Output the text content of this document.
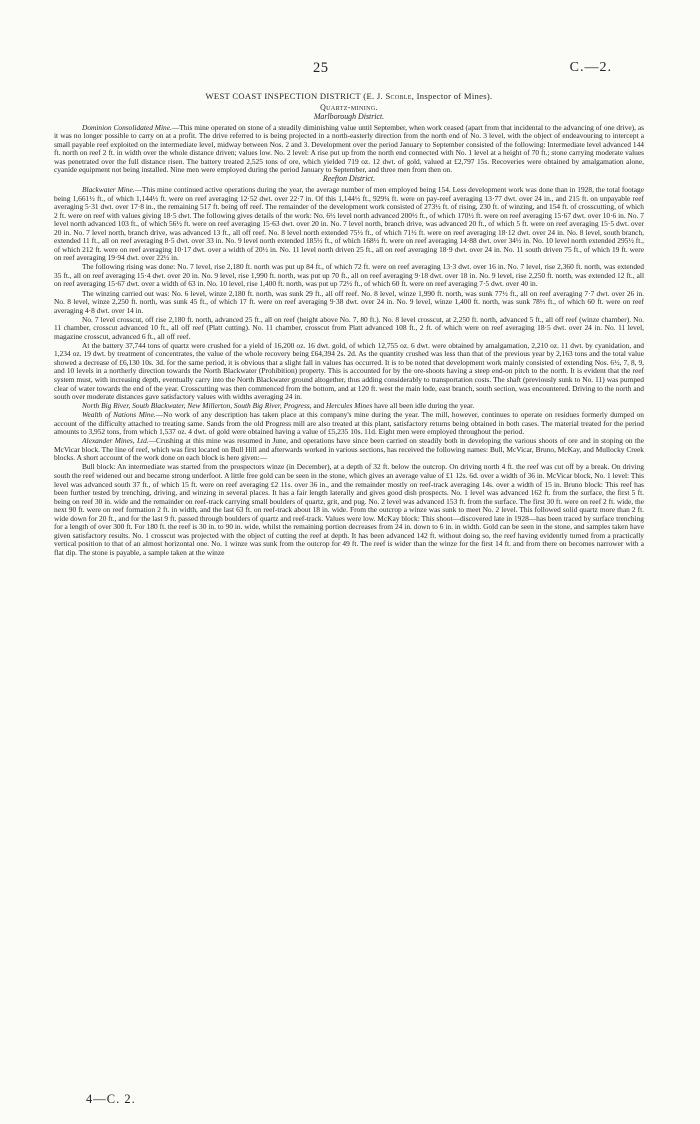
25	C.—2.
WEST COAST INSPECTION DISTRICT (E. J. Scoble, Inspector of Mines).
Quartz-mining.
Marlborough District.

Dominion Consolidated Mine.—This mine operated on stone of a steadily diminishing value until September, when work ceased (apart from that incidental to the advancing of one drive), as it was no longer possible to carry on at a profit. The drive referred to is being projected in a north-easterly direction from the north end of No. 3 level, with the object of endeavouring to intercept a small payable reef exploited on the intermediate level, midway between Nos. 2 and 3. Development over the period January to September consisted of the following: Intermediate level advanced 144 ft. north on reef 2 ft. in width over the whole distance driven; values low. No. 2 level: A rise put up from the north end connected with No. 1 level at a height of 70 ft.; stone carrying moderate values was penetrated over the full distance risen. The battery treated 2,525 tons of ore, which yielded 719 oz. 12 dwt. of gold, valued at £2,797 15s. Recoveries were obtained by amalgamation alone, cyanide equipment not being installed. Nine men were employed during the period January to September, and three men from then on.

Reefton District.

Blackwater Mine.—This mine continued active operations during the year, the average number of men employed being 154. Less development work was done than in 1928, the total footage being 1,661½ ft., of which 1,144½ ft. were on reef averaging 12·52 dwt. over 22·7 in. Of this 1,144½ ft., 929¼ ft. were on pay-reef averaging 13·77 dwt. over 24 in., and 215 ft. on unpayable reef averaging 5·31 dwt. over 17·8 in., the remaining 517 ft. being off reef. The remainder of the development work consisted of 273½ ft. of rising, 230 ft. of winzing, and 154 ft. of crosscutting, of which 2 ft. were on reef with values giving 18·5 dwt. The following gives details of the work: No. 6½ level north advanced 200½ ft., of which 170½ ft. were on reef averaging 15·67 dwt. over 10·6 in. No. 7 level north advanced 103 ft., of which 56½ ft. were on reef averaging 15·63 dwt. over 20 in. No. 7 level north, branch drive, was advanced 20 ft., of which 5 ft. were on reef averaging 15·5 dwt. over 20 in. No. 7 level north, branch drive, was advanced 13 ft., all off reef. No. 8 level north extended 75½ ft., of which 71½ ft. were on reef averaging 18·12 dwt. over 24 in. No. 8 level, south branch, extended 11 ft., all on reef averaging 8·5 dwt. over 33 in. No. 9 level north extended 185½ ft., of which 168½ ft. were on reef averaging 14·88 dwt. over 34½ in. No. 10 level north extended 295½ ft., of which 212 ft. were on reef averaging 10·17 dwt. over a width of 20½ in. No. 11 level north driven 25 ft., all on reef averaging 18·9 dwt. over 24 in. No. 11 south driven 75 ft., of which 19 ft. were on reef averaging 19·94 dwt. over 22½ in.

The following rising was done: No. 7 level, rise 2,180 ft. north was put up 84 ft., of which 72 ft. were on reef averaging 13·3 dwt. over 16 in. No. 7 level, rise 2,360 ft. north, was extended 35 ft., all on reef averaging 15·4 dwt. over 20 in. No. 9 level, rise 1,990 ft. north, was put up 70 ft., all on reef averaging 9·18 dwt. over 18 in. No. 9 level, rise 2,250 ft. north, was extended 12 ft., all on reef averaging 15·67 dwt. over a width of 63 in. No. 10 level, rise 1,400 ft. north, was put up 72½ ft., of which 60 ft. were on reef averaging 7·5 dwt. over 40 in.

The winzing carried out was: No. 6 level, winze 2,180 ft. north, was sunk 29 ft., all off reef. No. 8 level, winze 1,990 ft. north, was sunk 77½ ft., all on reef averaging 7·7 dwt. over 26 in. No. 8 level, winze 2,250 ft. north, was sunk 45 ft., of which 17 ft. were on reef averaging 9·38 dwt. over 24 in. No. 9 level, winze 1,400 ft. north, was sunk 78½ ft., of which 60 ft. were on reef averaging 4·8 dwt. over 14 in.

No. 7 level crosscut, off rise 2,180 ft. north, advanced 25 ft., all on reef (height above No. 7, 80 ft.). No. 8 level crosscut, at 2,250 ft. north, advanced 5 ft., all off reef (winze chamber). No. 11 chamber, crosscut advanced 10 ft., all off reef (Platt cutting). No. 11 chamber, crosscut from Platt advanced 108 ft., 2 ft. of which were on reef averaging 18·5 dwt. over 24 in. No. 11 level, magazine crosscut, advanced 6 ft., all off reef.

At the battery 37,744 tons of quartz were crushed for a yield of 16,200 oz. 16 dwt. gold, of which 12,755 oz. 6 dwt. were obtained by amalgamation, 2,210 oz. 11 dwt. by cyanidation, and 1,234 oz. 19 dwt. by treatment of concentrates, the value of the whole recovery being £64,394 2s. 2d. As the quantity crushed was less than that of the previous year by 2,163 tons and the total value showed a decrease of £6,130 10s. 3d. for the same period, it is obvious that a slight fall in values has occurred. It is to be noted that development work mainly consisted of extending Nos. 6½, 7, 8, 9, and 10 levels in a northerly direction towards the North Blackwater (Prohibition) property. This is accounted for by the ore-shoots having a steep end-on pitch to the north. It is evident that the reef system must, with increasing depth, eventually carry into the North Blackwater ground altogether, thus adding considerably to transportation costs. The shaft (previously sunk to No. 11) was pumped clear of water towards the end of the year. Crosscutting was then commenced from the bottom, and at 120 ft. west the main lode, east branch, south section, was encountered. Driving to the north and south over moderate distances gave satisfactory values with widths averaging 24 in.

North Big River, South Blackwater, New Millerton, South Big River, Progress, and Hercules Mines have all been idle during the year.

Wealth of Nations Mine.—No work of any description has taken place at this company's mine during the year. The mill, however, continues to operate on residues formerly dumped on account of the difficulty attached to treating same. Sands from the old Progress mill are also treated at this plant, satisfactory returns being obtained in both cases. The material treated for the period amounts to 3,952 tons, from which 1,537 oz. 4 dwt. of gold were obtained having a value of £5,235 10s. 11d. Eight men were employed throughout the period.

Alexander Mines, Ltd.—Crushing at this mine was resumed in June, and operations have since been carried on steadily both in developing the various shoots of ore and in stoping on the McVicar block. The line of reef, which was first located on Bull Hill and afterwards worked in various sections, has received the following names: Bull, McVicar, Bruno, McKay, and Mullocky Creek blocks. A short account of the work done on each block is here given:—

Bull block: An intermediate was started from the prospectors winze (in December), at a depth of 32 ft. below the outcrop. On driving north 4 ft. the reef was cut off by a break. On driving south the reef widened out and became strong underfoot. A little free gold can be seen in the stone, which gives an average value of £1 12s. 6d. over a width of 36 in. McVicar block, No. 1 level: This level was advanced south 37 ft., of which 15 ft. were on reef averaging £2 11s. over 36 in., and the remainder mostly on reef-track averaging 14s. over a width of 15 in. Bruno block: This reef has been further tested by trenching, driving, and winzing in several places. It has a fair length laterally and gives good dish prospects. No. 1 level was advanced 162 ft. from the surface, the first 5 ft. being on reef 30 in. wide and the remainder on reef-track carrying small boulders of quartz, grit, and pug. No. 2 level was advanced 153 ft. from the surface. The first 30 ft. were on reef 2 ft. wide, the next 90 ft. were on reef formation 2 ft. in width, and the last 63 ft. on reef-track about 18 in. wide. From the outcrop a winze was sunk to meet No. 2 level. This followed solid quartz more than 2 ft. wide down for 20 ft., and for the last 9 ft. passed through boulders of quartz and reef-track. Values were low. McKay block: This shoot—discovered late in 1928—has been traced by surface trenching for a length of over 300 ft. For 180 ft. the reef is 30 in. to 90 in. wide, whilst the remaining portion decreases from 24 in. down to 6 in. in width. Gold can be seen in the stone, and samples taken have given satisfactory results. No. 1 crosscut was projected with the object of cutting the reef at depth. It has been advanced 142 ft. without doing so, the reef having evidently turned from a practically vertical position to that of an almost horizontal one. No. 1 winze was sunk from the outcrop for 49 ft. The reef is wider than the winze for the first 14 ft. and from there on becomes narrower with a flat dip. The stone is payable, a sample taken at the winze

4—C. 2.
